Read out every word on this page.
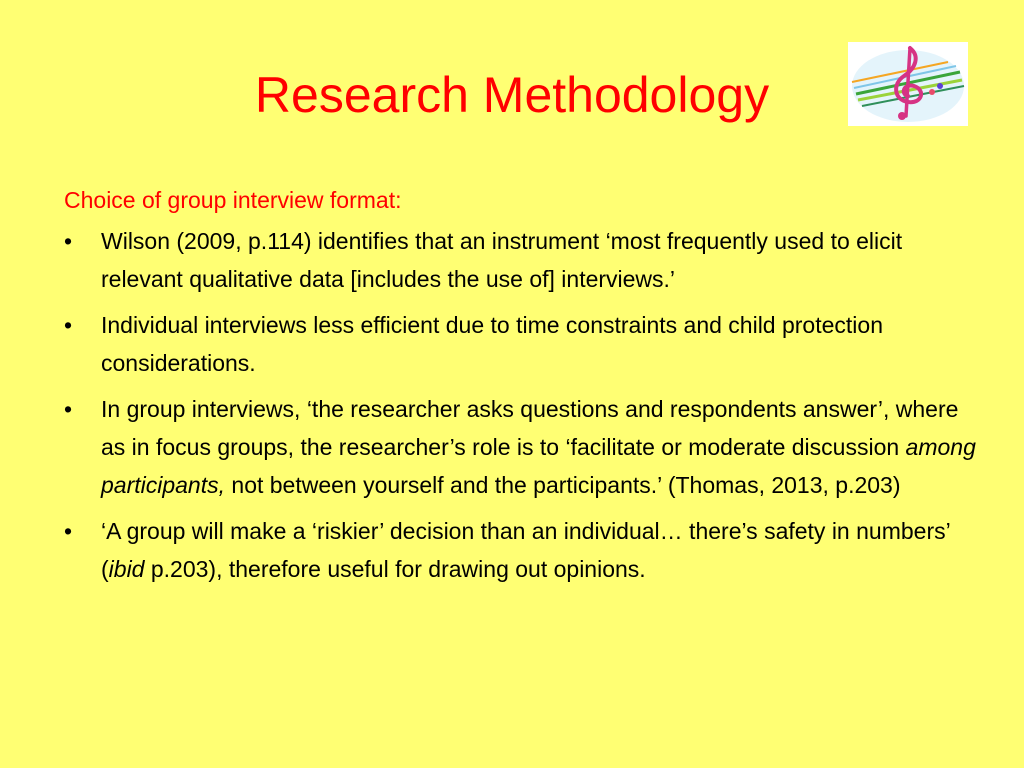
Research Methodology

Choice of group interview format:

•	Wilson (2009, p.114) identifies that an instrument ‘most frequently used to elicit relevant qualitative data [includes the use of] interviews.’
•	Individual interviews less efficient due to time constraints and child protection considerations.
•	In group interviews, ‘the researcher asks questions and respondents answer’, where as in focus groups, the researcher’s role is to ‘facilitate or moderate discussion among participants, not between yourself and the participants.’ (Thomas, 2013, p.203)
•	‘A group will make a ‘riskier’ decision than an individual… there’s safety in numbers’ (ibid p.203), therefore useful for drawing out opinions.
